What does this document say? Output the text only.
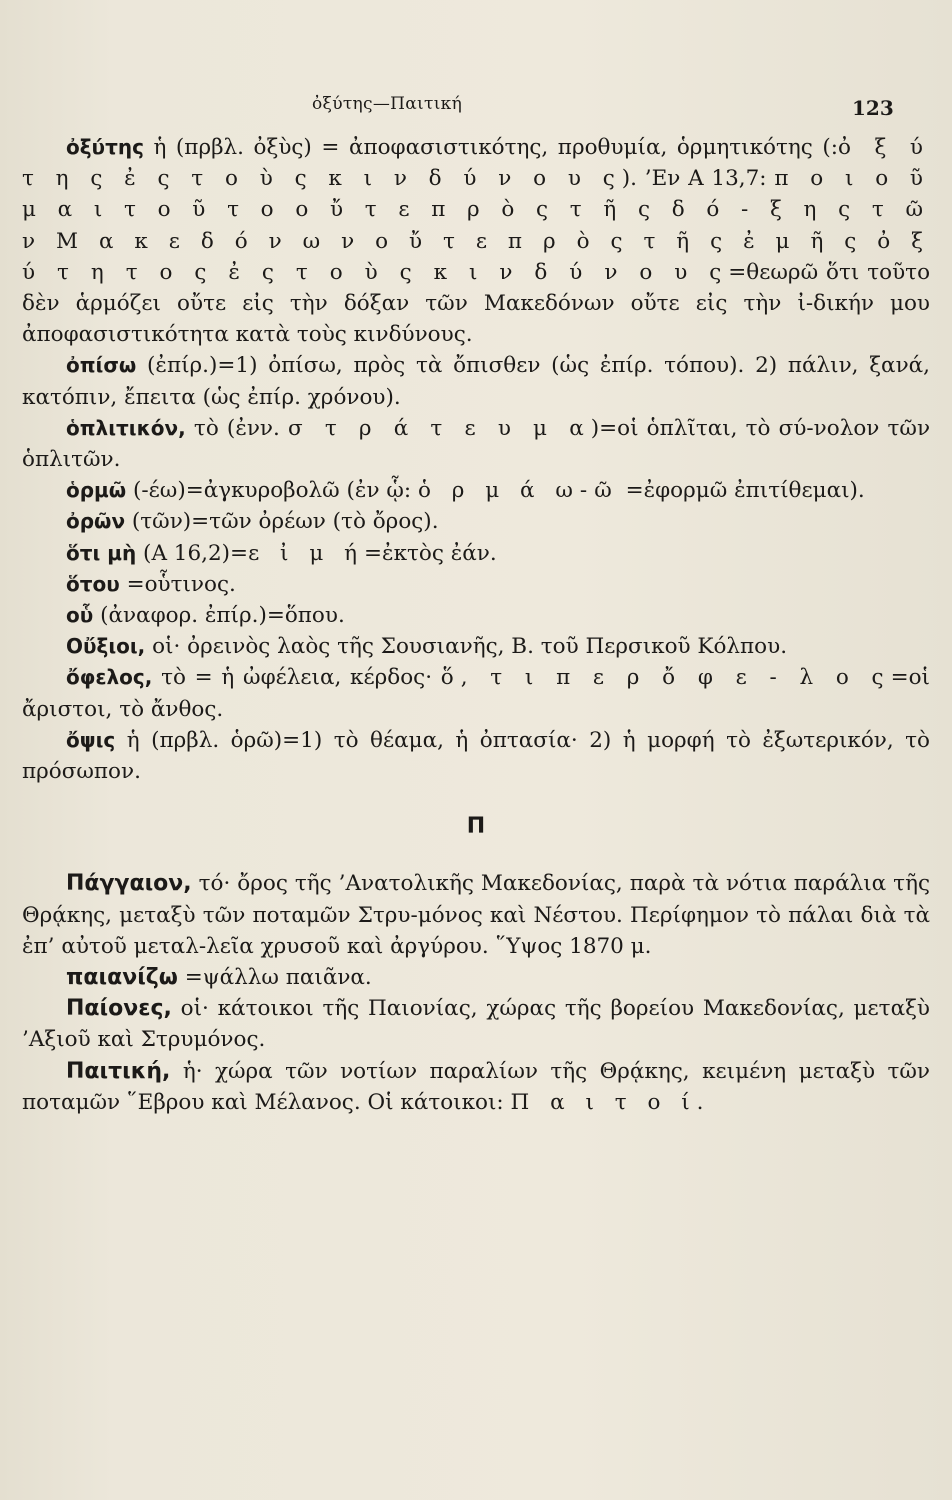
ὀξύτης—Παιτική	123

ὀξύτης ἡ (πρβλ. ὀξὺς) = ἀποφασιστικότης, προθυμία, ὁρμητικότης (:ὀ ξ ύ τ η ς ἐ ς τ ο ὺ ς κ ι ν δ ύ ν ο υ ς). ’Εν Α 13,7: π ο ι ο ῦ μ α ι τ ο ῦ τ ο ο ὔ τ ε π ρ ὸ ς τ ῆ ς δ ό - ξ η ς τ ῶ ν Μ α κ ε δ ό ν ω ν ο ὔ τ ε π ρ ὸ ς τ ῆ ς ἐ μ ῆ ς ὀ ξ ύ τ η τ ο ς ἐ ς τ ο ὺ ς κ ι ν δ ύ ν ο υ ς=θεωρῶ ὅτι τοῦτο δὲν ἁρμόζει οὔτε εἰς τὴν δόξαν τῶν Μακεδόνων οὔτε εἰς τὴν ἰ-δικήν μου ἀποφασιστικότητα κατὰ τοὺς κινδύνους.

ὀπίσω (ἐπίρ.)=1) ὀπίσω, πρὸς τὰ ὄπισθεν (ὡς ἐπίρ. τόπου). 2) πάλιν, ξανά, κατόπιν, ἔπειτα (ὡς ἐπίρ. χρόνου).

ὁπλιτικόν, τὸ (ἐνν. σ τ ρ ά τ ε υ μ α)=οἱ ὁπλῖται, τὸ σύ-νολον τῶν ὁπλιτῶν.

ὁρμῶ (-έω)=ἀγκυροβολῶ (ἐν ᾧ: ὁ ρ μ ά ω-ῶ =ἐφορμῶ ἐπιτίθεμαι).

ὀρῶν (τῶν)=τῶν ὀρέων (τὸ ὄρος).

ὅτι μὴ (Α 16,2)=ε ἰ μ ή=ἐκτὸς ἐάν.

ὅτου =οὗτινος.

οὗ (ἀναφορ. ἐπίρ.)=ὅπου.

Οὔξιοι, οἱ· ὀρεινὸς λαὸς τῆς Σουσιανῆς, Β. τοῦ Περσικοῦ Κόλπου.

ὄφελος, τὸ = ἡ ὠφέλεια, κέρδος· ὅ, τ ι π ε ρ ὄ φ ε - λ ο ς=οἱ ἄριστοι, τὸ ἄνθος.

ὄψις ἡ (πρβλ. ὁρῶ)=1) τὸ θέαμα, ἡ ὀπτασία· 2) ἡ μορφή τὸ ἐξωτερικόν, τὸ πρόσωπον.

Π

Πάγγαιον, τό· ὄρος τῆς ’Ανατολικῆς Μακεδονίας, παρὰ τὰ νότια παράλια τῆς Θρᾴκης, μεταξὺ τῶν ποταμῶν Στρυ-μόνος καὶ Νέστου. Περίφημον τὸ πάλαι διὰ τὰ ἐπ’ αὐτοῦ μεταλ-λεῖα χρυσοῦ καὶ ἀργύρου. ῞Υψος 1870 μ.

παιανίζω =ψάλλω παιᾶνα.

Παίονες, οἱ· κάτοικοι τῆς Παιονίας, χώρας τῆς βορείου Μακεδονίας, μεταξὺ ’Αξιοῦ καὶ Στρυμόνος.

Παιτική, ἡ· χώρα τῶν νοτίων παραλίων τῆς Θρᾴκης, κειμένη μεταξὺ τῶν ποταμῶν ῞Εβρου καὶ Μέλανος. Οἱ κάτοικοι: Π α ι τ ο ί.
